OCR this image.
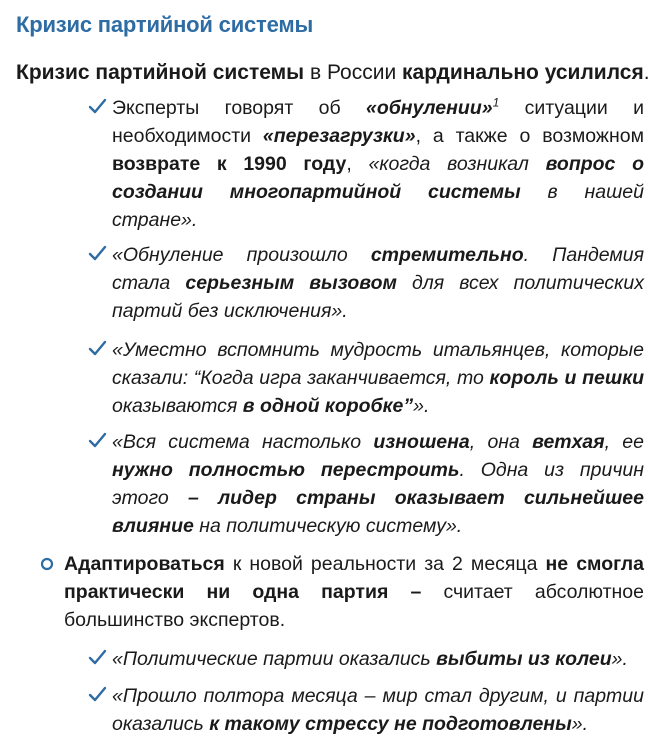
Кризис партийной системы
Кризис партийной системы в России кардинально усилился.
Эксперты говорят об «обнулении»$^1$ ситуации и необходимости «перезагрузки», а также о возможном возврате к 1990 году, «когда возникал вопрос о создании многопартийной системы в нашей стране».
«Обнуление произошло стремительно. Пандемия стала серьезным вызовом для всех политических партий без исключения».
«Уместно вспомнить мудрость итальянцев, которые сказали: “Когда игра заканчивается, то король и пешки оказываются в одной коробке”».
«Вся система настолько изношена, она ветхая, ее нужно полностью перестроить. Одна из причин этого – лидер страны оказывает сильнейшее влияние на политическую систему».
Адаптироваться к новой реальности за 2 месяца не смогла практически ни одна партия – считает абсолютное большинство экспертов.
«Политические партии оказались выбиты из колеи».
«Прошло полтора месяца – мир стал другим, и партии оказались к такому стрессу не подготовлены».
